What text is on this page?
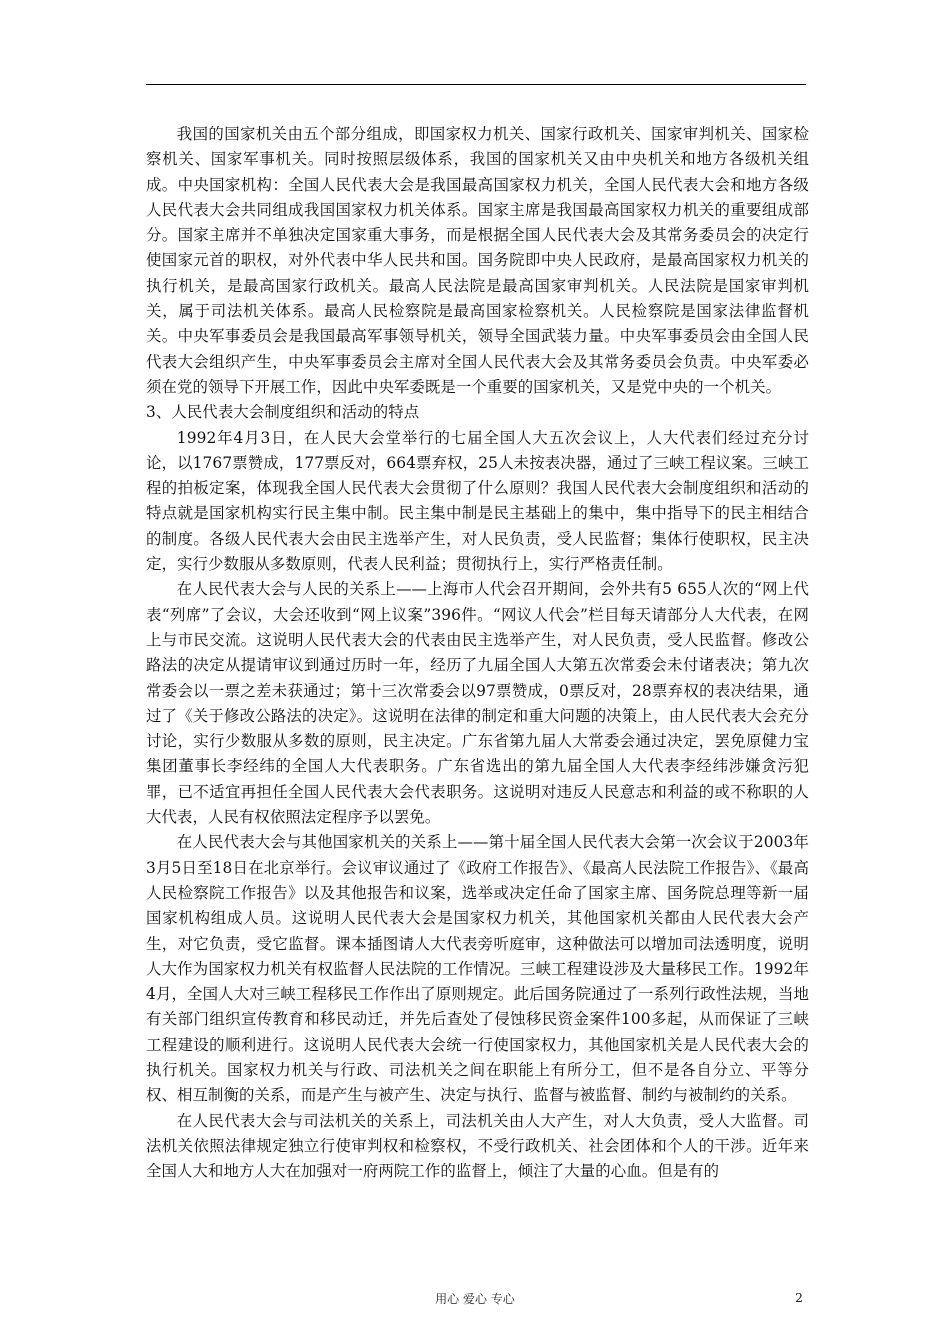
我国的国家机关由五个部分组成，即国家权力机关、国家行政机关、国家审判机关、国家检察机关、国家军事机关。同时按照层级体系，我国的国家机关又由中央机关和地方各级机关组成。中央国家机构：全国人民代表大会是我国最高国家权力机关，全国人民代表大会和地方各级人民代表大会共同组成我国国家权力机关体系。国家主席是我国最高国家权力机关的重要组成部分。国家主席并不单独决定国家重大事务，而是根据全国人民代表大会及其常务委员会的决定行使国家元首的职权，对外代表中华人民共和国。国务院即中央人民政府，是最高国家权力机关的执行机关，是最高国家行政机关。最高人民法院是最高国家审判机关。人民法院是国家审判机关，属于司法机关体系。最高人民检察院是最高国家检察机关。人民检察院是国家法律监督机关。中央军事委员会是我国最高军事领导机关，领导全国武装力量。中央军事委员会由全国人民代表大会组织产生，中央军事委员会主席对全国人民代表大会及其常务委员会负责。中央军委必须在党的领导下开展工作，因此中央军委既是一个重要的国家机关，又是党中央的一个机关。

3、人民代表大会制度组织和活动的特点

1992年4月3日，在人民大会堂举行的七届全国人大五次会议上，人大代表们经过充分讨论，以1767票赞成，177票反对，664票弃权，25人未按表决器，通过了三峡工程议案。三峡工程的拍板定案，体现我全国人民代表大会贯彻了什么原则？我国人民代表大会制度组织和活动的特点就是国家机构实行民主集中制。民主集中制是民主基础上的集中，集中指导下的民主相结合的制度。各级人民代表大会由民主选举产生，对人民负责，受人民监督；集体行使职权，民主决定，实行少数服从多数原则，代表人民利益；贯彻执行上，实行严格责任制。

在人民代表大会与人民的关系上——上海市人代会召开期间，会外共有5 655人次的“网上代表“列席”了会议，大会还收到“网上议案”396件。“网议人代会”栏目每天请部分人大代表，在网上与市民交流。这说明人民代表大会的代表由民主选举产生，对人民负责，受人民监督。修改公路法的决定从提请审议到通过历时一年，经历了九届全国人大第五次常委会未付诸表决；第九次常委会以一票之差未获通过；第十三次常委会以97票赞成，0票反对，28票弃权的表决结果，通过了《关于修改公路法的决定》。这说明在法律的制定和重大问题的决策上，由人民代表大会充分讨论，实行少数服从多数的原则，民主决定。广东省第九届人大常委会通过决定，罢免原健力宝集团董事长李经纬的全国人大代表职务。广东省选出的第九届全国人大代表李经纬涉嫌贪污犯罪，已不适宜再担任全国人民代表大会代表职务。这说明对违反人民意志和利益的或不称职的人大代表，人民有权依照法定程序予以罢免。

在人民代表大会与其他国家机关的关系上——第十届全国人民代表大会第一次会议于2003年3月5日至18日在北京举行。会议审议通过了《政府工作报告》、《最高人民法院工作报告》、《最高人民检察院工作报告》以及其他报告和议案，选举或决定任命了国家主席、国务院总理等新一届国家机构组成人员。这说明人民代表大会是国家权力机关，其他国家机关都由人民代表大会产生，对它负责，受它监督。课本插图请人大代表旁听庭审，这种做法可以增加司法透明度，说明人大作为国家权力机关有权监督人民法院的工作情况。三峡工程建设涉及大量移民工作。1992年4月，全国人大对三峡工程移民工作作出了原则规定。此后国务院通过了一系列行政性法规，当地有关部门组织宣传教育和移民动迁，并先后查处了侵蚀移民资金案件100多起，从而保证了三峡工程建设的顺利进行。这说明人民代表大会统一行使国家权力，其他国家机关是人民代表大会的执行机关。国家权力机关与行政、司法机关之间在职能上有所分工，但不是各自分立、平等分权、相互制衡的关系，而是产生与被产生、决定与执行、监督与被监督、制约与被制约的关系。

在人民代表大会与司法机关的关系上，司法机关由人大产生，对人大负责，受人大监督。司法机关依照法律规定独立行使审判权和检察权，不受行政机关、社会团体和个人的干涉。近年来全国人大和地方人大在加强对一府两院工作的监督上，倾注了大量的心血。但是有的

用心 爱心 专心	2
